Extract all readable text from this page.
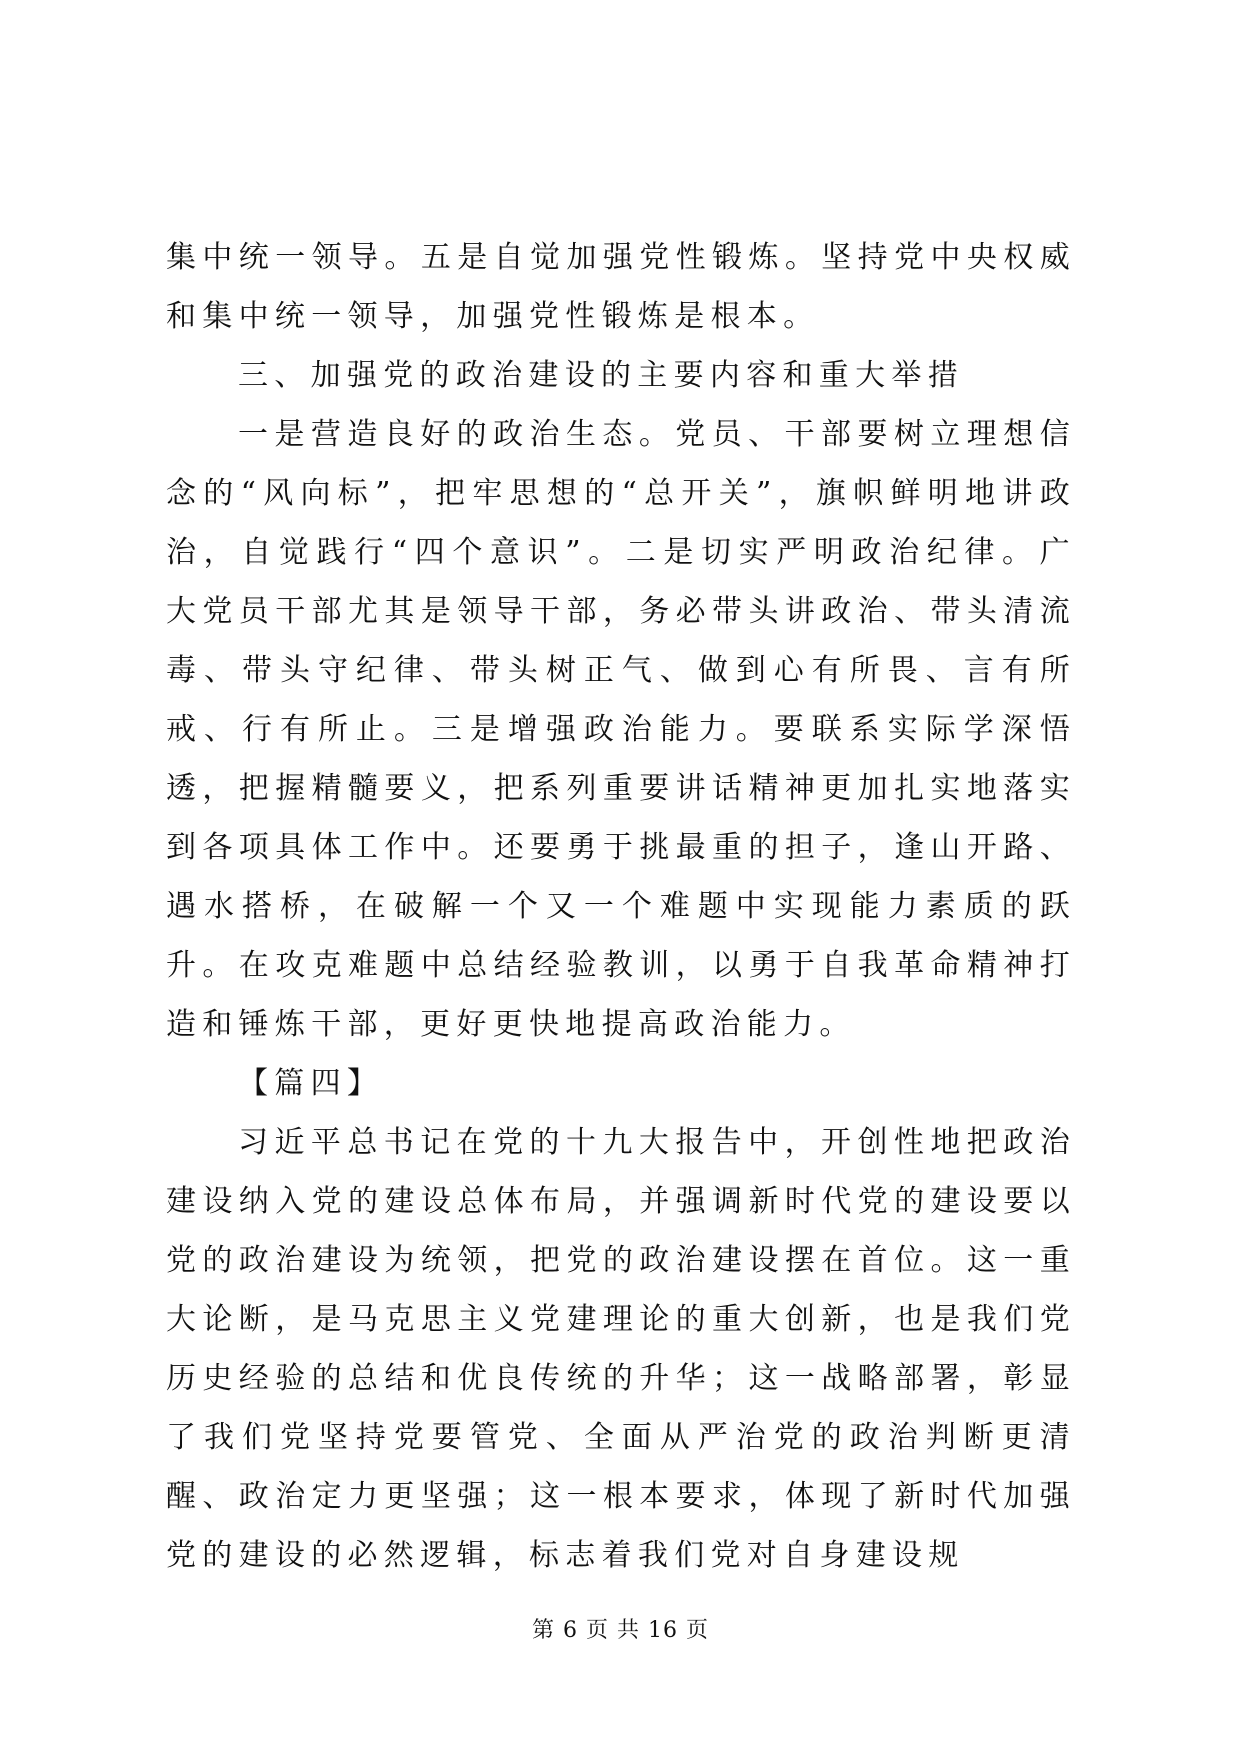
集中统一领导。五是自觉加强党性锻炼。坚持党中央权威和集中统一领导，加强党性锻炼是根本。

三、加强党的政治建设的主要内容和重大举措

一是营造良好的政治生态。党员、干部要树立理想信念的“风向标”，把牢思想的“总开关”，旗帜鲜明地讲政治，自觉践行“四个意识”。二是切实严明政治纪律。广大党员干部尤其是领导干部，务必带头讲政治、带头清流毒、带头守纪律、带头树正气、做到心有所畏、言有所戒、行有所止。三是增强政治能力。要联系实际学深悟透，把握精髓要义，把系列重要讲话精神更加扎实地落实到各项具体工作中。还要勇于挑最重的担子，逢山开路、遇水搭桥，在破解一个又一个难题中实现能力素质的跃升。在攻克难题中总结经验教训，以勇于自我革命精神打造和锤炼干部，更好更快地提高政治能力。

【篇四】

习近平总书记在党的十九大报告中，开创性地把政治建设纳入党的建设总体布局，并强调新时代党的建设要以党的政治建设为统领，把党的政治建设摆在首位。这一重大论断，是马克思主义党建理论的重大创新，也是我们党历史经验的总结和优良传统的升华；这一战略部署，彰显了我们党坚持党要管党、全面从严治党的政治判断更清醒、政治定力更坚强；这一根本要求，体现了新时代加强党的建设的必然逻辑，标志着我们党对自身建设规

第 6 页 共 16 页
